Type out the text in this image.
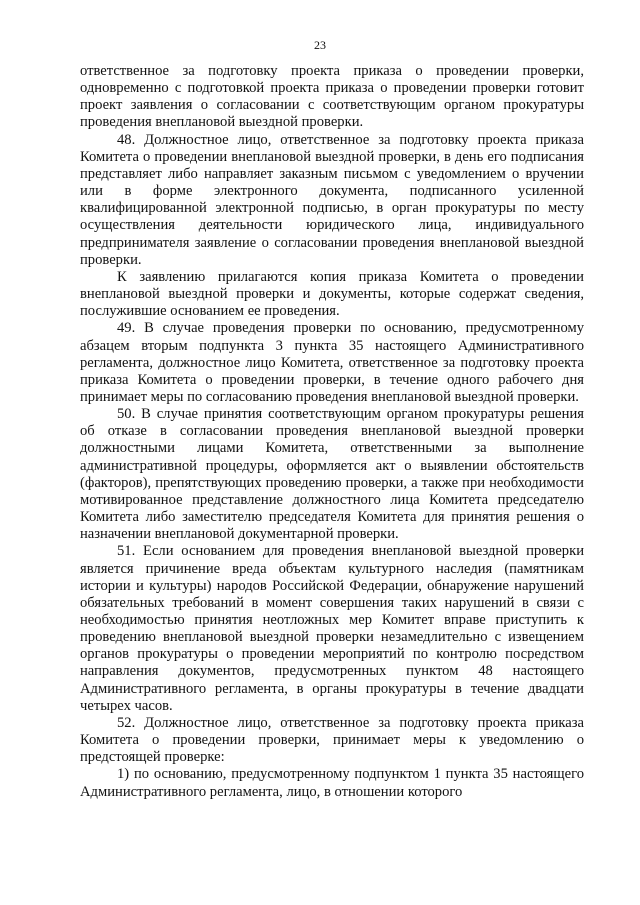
23

ответственное за подготовку проекта приказа о проведении проверки, одновременно с подготовкой проекта приказа о проведении проверки готовит проект заявления о согласовании с соответствующим органом прокуратуры проведения внеплановой выездной проверки.

48. Должностное лицо, ответственное за подготовку проекта приказа Комитета о проведении внеплановой выездной проверки, в день его подписания представляет либо направляет заказным письмом с уведомлением о вручении или в форме электронного документа, подписанного усиленной квалифицированной электронной подписью, в орган прокуратуры по месту осуществления деятельности юридического лица, индивидуального предпринимателя заявление о согласовании проведения внеплановой выездной проверки.

К заявлению прилагаются копия приказа Комитета о проведении внеплановой выездной проверки и документы, которые содержат сведения, послужившие основанием ее проведения.

49. В случае проведения проверки по основанию, предусмотренному абзацем вторым подпункта 3 пункта 35 настоящего Административного регламента, должностное лицо Комитета, ответственное за подготовку проекта приказа Комитета о проведении проверки, в течение одного рабочего дня принимает меры по согласованию проведения внеплановой выездной проверки.

50. В случае принятия соответствующим органом прокуратуры решения об отказе в согласовании проведения внеплановой выездной проверки должностными лицами Комитета, ответственными за выполнение административной процедуры, оформляется акт о выявлении обстоятельств (факторов), препятствующих проведению проверки, а также при необходимости мотивированное представление должностного лица Комитета председателю Комитета либо заместителю председателя Комитета для принятия решения о назначении внеплановой документарной проверки.

51. Если основанием для проведения внеплановой выездной проверки является причинение вреда объектам культурного наследия (памятникам истории и культуры) народов Российской Федерации, обнаружение нарушений обязательных требований в момент совершения таких нарушений в связи с необходимостью принятия неотложных мер Комитет вправе приступить к проведению внеплановой выездной проверки незамедлительно с извещением органов прокуратуры о проведении мероприятий по контролю посредством направления документов, предусмотренных пунктом 48 настоящего Административного регламента, в органы прокуратуры в течение двадцати четырех часов.

52. Должностное лицо, ответственное за подготовку проекта приказа Комитета о проведении проверки, принимает меры к уведомлению о предстоящей проверке:

1) по основанию, предусмотренному подпунктом 1 пункта 35 настоящего Административного регламента, лицо, в отношении которого
